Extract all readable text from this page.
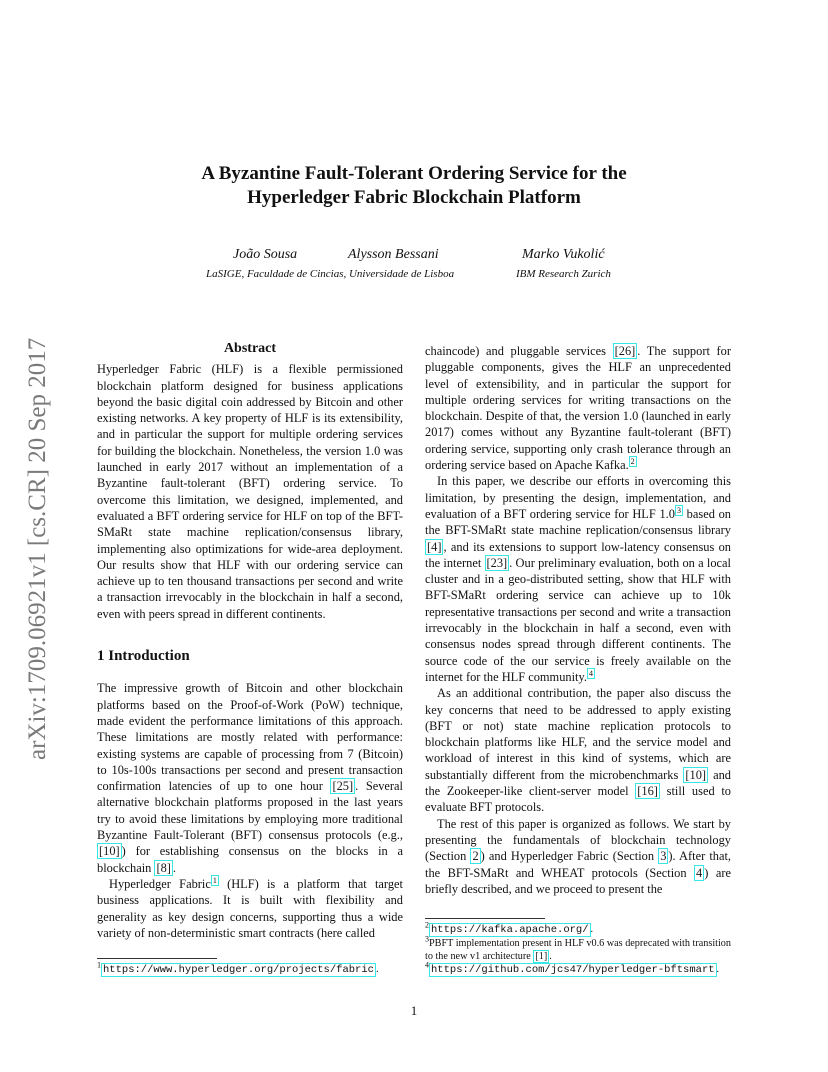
arXiv:1709.06921v1 [cs.CR] 20 Sep 2017
A Byzantine Fault-Tolerant Ordering Service for the
Hyperledger Fabric Blockchain Platform
João Sousa	Alysson Bessani	Marko Vukolić
LaSIGE, Faculdade de Cincias, Universidade de Lisboa	IBM Research Zurich
Abstract

Hyperledger Fabric (HLF) is a flexible permissioned blockchain platform designed for business applications beyond the basic digital coin addressed by Bitcoin and other existing networks. A key property of HLF is its extensibility, and in particular the support for multiple ordering services for building the blockchain. Nonetheless, the version 1.0 was launched in early 2017 without an implementation of a Byzantine fault-tolerant (BFT) ordering service. To overcome this limitation, we designed, implemented, and evaluated a BFT ordering service for HLF on top of the BFT-SMaRt state machine replication/consensus library, implementing also optimizations for wide-area deployment. Our results show that HLF with our ordering service can achieve up to ten thousand transactions per second and write a transaction irrevocably in the blockchain in half a second, even with peers spread in different continents.

1 Introduction

The impressive growth of Bitcoin and other blockchain platforms based on the Proof-of-Work (PoW) technique, made evident the performance limitations of this approach. These limitations are mostly related with performance: existing systems are capable of processing from 7 (Bitcoin) to 10s-100s transactions per second and present transaction confirmation latencies of up to one hour [25] . Several alternative blockchain platforms proposed in the last years try to avoid these limitations by employing more traditional Byzantine Fault-Tolerant (BFT) consensus protocols (e.g., [10] ) for establishing consensus on the blocks in a blockchain [8] .

Hyperledger Fabric $^1$ (HLF) is a platform that target business applications. It is built with flexibility and generality as key design concerns, supporting thus a wide variety of non-deterministic smart contracts (here called

chaincode) and pluggable services [26] . The support for pluggable components, gives the HLF an unprecedented level of extensibility, and in particular the support for multiple ordering services for writing transactions on the blockchain. Despite of that, the version 1.0 (launched in early 2017) comes without any Byzantine fault-tolerant (BFT) ordering service, supporting only crash tolerance through an ordering service based on Apache Kafka. $^2$

In this paper, we describe our efforts in overcoming this limitation, by presenting the design, implementation, and evaluation of a BFT ordering service for HLF 1.0 $^3$ based on the BFT-SMaRt state machine replication/consensus library [4] , and its extensions to support low-latency consensus on the internet [23] . Our preliminary evaluation, both on a local cluster and in a geo-distributed setting, show that HLF with BFT-SMaRt ordering service can achieve up to 10k representative transactions per second and write a transaction irrevocably in the blockchain in half a second, even with consensus nodes spread through different continents. The source code of the our service is freely available on the internet for the HLF community. $^4$

As an additional contribution, the paper also discuss the key concerns that need to be addressed to apply existing (BFT or not) state machine replication protocols to blockchain platforms like HLF, and the service model and workload of interest in this kind of systems, which are substantially different from the microbenchmarks [10] and the Zookeeper-like client-server model [16] still used to evaluate BFT protocols.

The rest of this paper is organized as follows. We start by presenting the fundamentals of blockchain technology (Section 2 ) and Hyperledger Fabric (Section 3 ). After that, the BFT-SMaRt and WHEAT protocols (Section 4 ) are briefly described, and we proceed to present the

$^1$ https://www.hyperledger.org/projects/fabric .
$^2$ https://kafka.apache.org/ .
$^3$PBFT implementation present in HLF v0.6 was deprecated with transition to the new v1 architecture [1] .
$^4$ https://github.com/jcs47/hyperledger-bftsmart .
1
